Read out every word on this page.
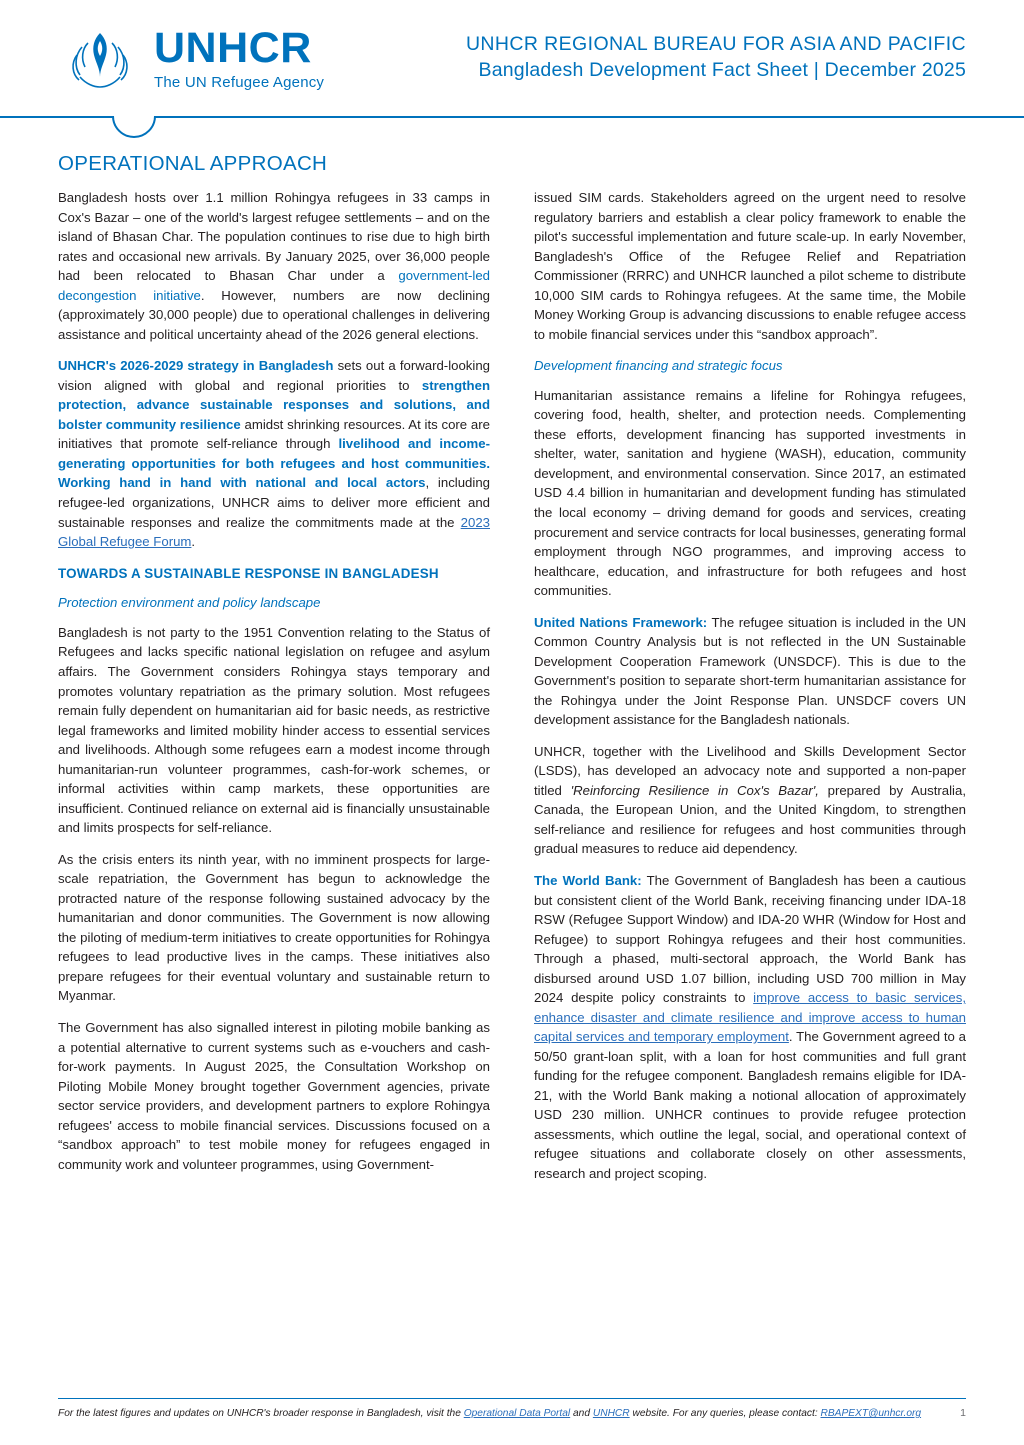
UNHCR
The UN Refugee Agency
UNHCR REGIONAL BUREAU FOR ASIA AND PACIFIC
Bangladesh Development Fact Sheet | December 2025
OPERATIONAL APPROACH

Bangladesh hosts over 1.1 million Rohingya refugees in 33 camps in Cox's Bazar – one of the world's largest refugee settlements – and on the island of Bhasan Char. The population continues to rise due to high birth rates and occasional new arrivals. By January 2025, over 36,000 people had been relocated to Bhasan Char under a government-led decongestion initiative. However, numbers are now declining (approximately 30,000 people) due to operational challenges in delivering assistance and political uncertainty ahead of the 2026 general elections.

UNHCR's 2026-2029 strategy in Bangladesh sets out a forward-looking vision aligned with global and regional priorities to strengthen protection, advance sustainable responses and solutions, and bolster community resilience amidst shrinking resources. At its core are initiatives that promote self-reliance through livelihood and income-generating opportunities for both refugees and host communities. Working hand in hand with national and local actors, including refugee-led organizations, UNHCR aims to deliver more efficient and sustainable responses and realize the commitments made at the 2023 Global Refugee Forum.

TOWARDS A SUSTAINABLE RESPONSE IN BANGLADESH
Protection environment and policy landscape

Bangladesh is not party to the 1951 Convention relating to the Status of Refugees and lacks specific national legislation on refugee and asylum affairs. The Government considers Rohingya stays temporary and promotes voluntary repatriation as the primary solution. Most refugees remain fully dependent on humanitarian aid for basic needs, as restrictive legal frameworks and limited mobility hinder access to essential services and livelihoods. Although some refugees earn a modest income through humanitarian-run volunteer programmes, cash-for-work schemes, or informal activities within camp markets, these opportunities are insufficient. Continued reliance on external aid is financially unsustainable and limits prospects for self-reliance.

As the crisis enters its ninth year, with no imminent prospects for large-scale repatriation, the Government has begun to acknowledge the protracted nature of the response following sustained advocacy by the humanitarian and donor communities. The Government is now allowing the piloting of medium-term initiatives to create opportunities for Rohingya refugees to lead productive lives in the camps. These initiatives also prepare refugees for their eventual voluntary and sustainable return to Myanmar.

The Government has also signalled interest in piloting mobile banking as a potential alternative to current systems such as e-vouchers and cash-for-work payments. In August 2025, the Consultation Workshop on Piloting Mobile Money brought together Government agencies, private sector service providers, and development partners to explore Rohingya refugees' access to mobile financial services. Discussions focused on a “sandbox approach” to test mobile money for refugees engaged in community work and volunteer programmes, using Government-

issued SIM cards. Stakeholders agreed on the urgent need to resolve regulatory barriers and establish a clear policy framework to enable the pilot's successful implementation and future scale-up. In early November, Bangladesh's Office of the Refugee Relief and Repatriation Commissioner (RRRC) and UNHCR launched a pilot scheme to distribute 10,000 SIM cards to Rohingya refugees. At the same time, the Mobile Money Working Group is advancing discussions to enable refugee access to mobile financial services under this “sandbox approach”.

Development financing and strategic focus

Humanitarian assistance remains a lifeline for Rohingya refugees, covering food, health, shelter, and protection needs. Complementing these efforts, development financing has supported investments in shelter, water, sanitation and hygiene (WASH), education, community development, and environmental conservation. Since 2017, an estimated USD 4.4 billion in humanitarian and development funding has stimulated the local economy – driving demand for goods and services, creating procurement and service contracts for local businesses, generating formal employment through NGO programmes, and improving access to healthcare, education, and infrastructure for both refugees and host communities.

United Nations Framework: The refugee situation is included in the UN Common Country Analysis but is not reflected in the UN Sustainable Development Cooperation Framework (UNSDCF). This is due to the Government's position to separate short-term humanitarian assistance for the Rohingya under the Joint Response Plan. UNSDCF covers UN development assistance for the Bangladesh nationals.

UNHCR, together with the Livelihood and Skills Development Sector (LSDS), has developed an advocacy note and supported a non-paper titled 'Reinforcing Resilience in Cox's Bazar', prepared by Australia, Canada, the European Union, and the United Kingdom, to strengthen self-reliance and resilience for refugees and host communities through gradual measures to reduce aid dependency.

The World Bank: The Government of Bangladesh has been a cautious but consistent client of the World Bank, receiving financing under IDA-18 RSW (Refugee Support Window) and IDA-20 WHR (Window for Host and Refugee) to support Rohingya refugees and their host communities. Through a phased, multi-sectoral approach, the World Bank has disbursed around USD 1.07 billion, including USD 700 million in May 2024 despite policy constraints to improve access to basic services, enhance disaster and climate resilience and improve access to human capital services and temporary employment. The Government agreed to a 50/50 grant-loan split, with a loan for host communities and full grant funding for the refugee component. Bangladesh remains eligible for IDA-21, with the World Bank making a notional allocation of approximately USD 230 million. UNHCR continues to provide refugee protection assessments, which outline the legal, social, and operational context of refugee situations and collaborate closely on other assessments, research and project scoping.

For the latest figures and updates on UNHCR's broader response in Bangladesh, visit the Operational Data Portal and UNHCR website. For any queries, please contact: RBAPEXT@unhcr.org	1
